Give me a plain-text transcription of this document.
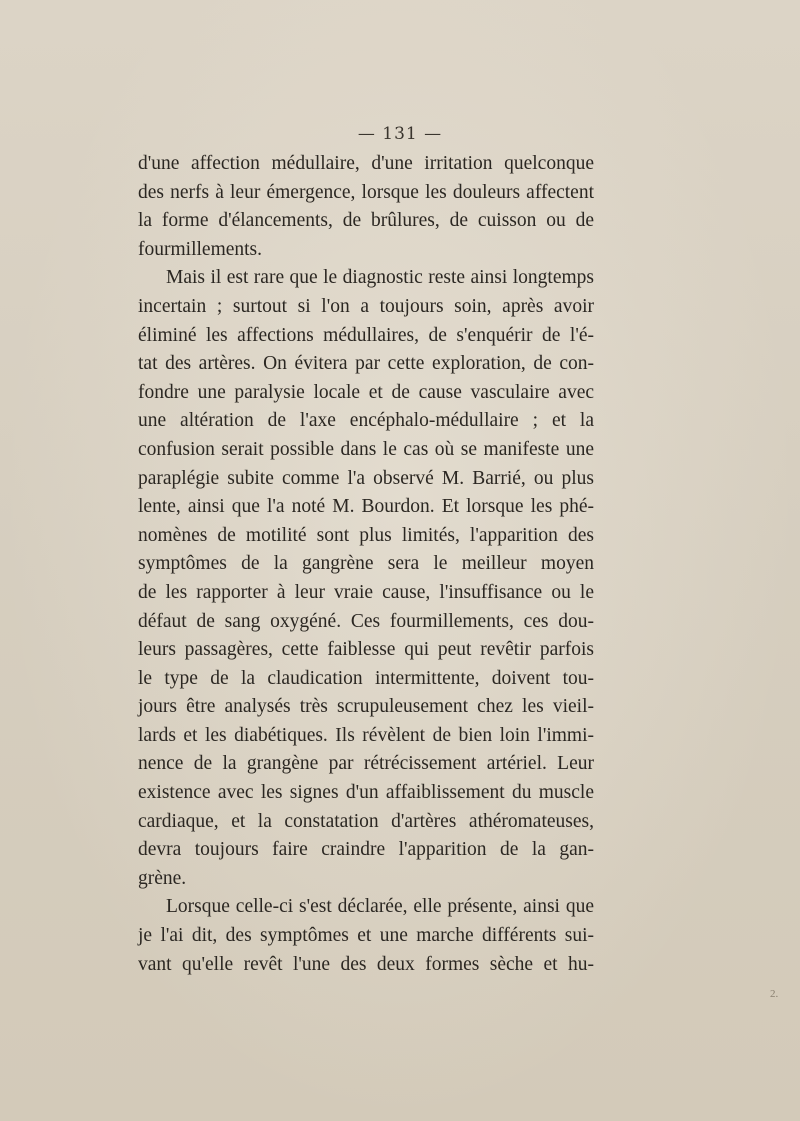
— 131 —
d'une affection médullaire, d'une irritation quelconque
des nerfs à leur émergence, lorsque les douleurs affectent
la forme d'élancements, de brûlures, de cuisson ou de
fourmillements.
Mais il est rare que le diagnostic reste ainsi longtemps
incertain ; surtout si l'on a toujours soin, après avoir
éliminé les affections médullaires, de s'enquérir de l'é-
tat des artères. On évitera par cette exploration, de con-
fondre une paralysie locale et de cause vasculaire avec
une altération de l'axe encéphalo-médullaire ; et la
confusion serait possible dans le cas où se manifeste une
paraplégie subite comme l'a observé M. Barrié, ou plus
lente, ainsi que l'a noté M. Bourdon. Et lorsque les phé-
nomènes de motilité sont plus limités, l'apparition des
symptômes de la gangrène sera le meilleur moyen
de les rapporter à leur vraie cause, l'insuffisance ou le
défaut de sang oxygéné. Ces fourmillements, ces dou-
leurs passagères, cette faiblesse qui peut revêtir parfois
le type de la claudication intermittente, doivent tou-
jours être analysés très scrupuleusement chez les vieil-
lards et les diabétiques. Ils révèlent de bien loin l'immi-
nence de la grangène par rétrécissement artériel. Leur
existence avec les signes d'un affaiblissement du muscle
cardiaque, et la constatation d'artères athéromateuses,
devra toujours faire craindre l'apparition de la gan-
grène.
Lorsque celle-ci s'est déclarée, elle présente, ainsi que
je l'ai dit, des symptômes et une marche différents sui-
vant qu'elle revêt l'une des deux formes sèche et hu-
2.
